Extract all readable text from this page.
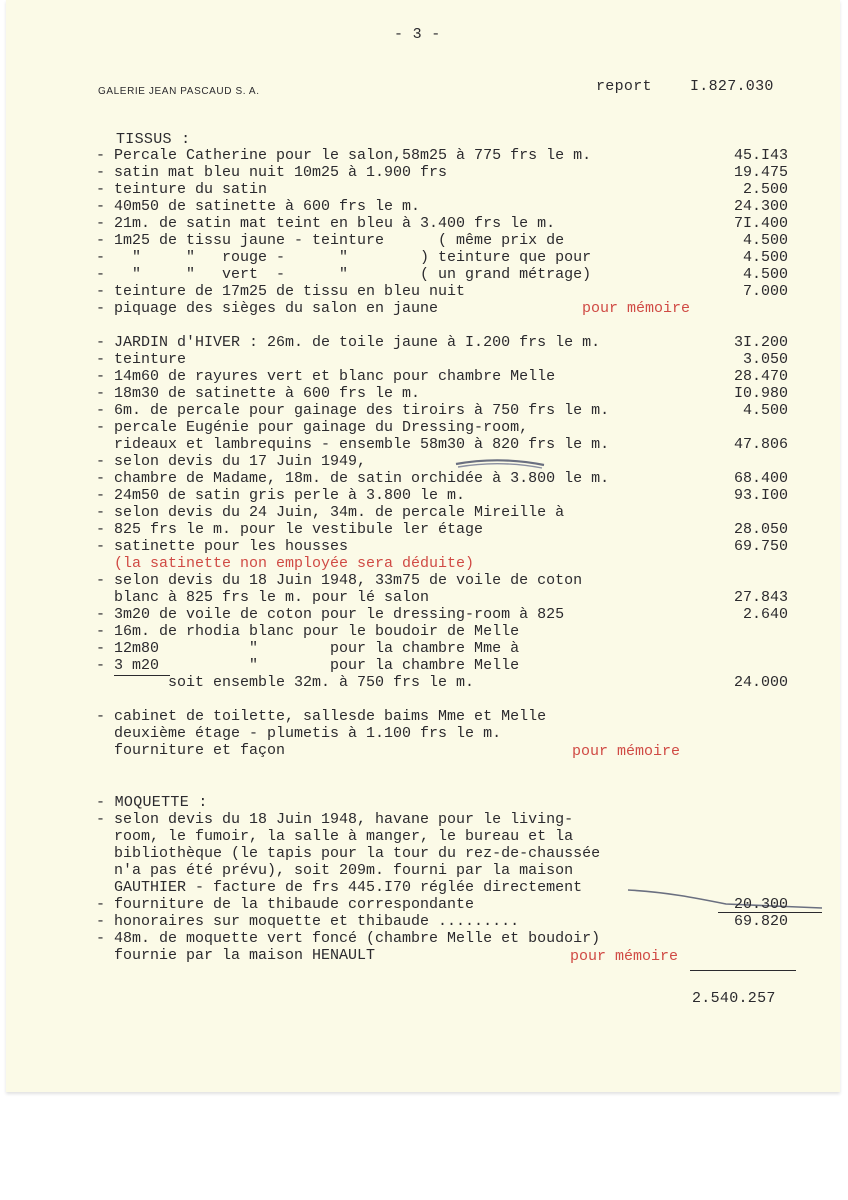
- 3 -
GALERIE JEAN PASCAUD S. A.	report	I.827.030
TISSUS :
- Percale Catherine pour le salon,58m25 à 775 frs le m.	45.I43
- satin mat bleu nuit 10m25 à 1.900 frs	19.475
- teinture du satin	2.500
- 40m50 de satinette à 600 frs le m.	24.300
- 21m. de satin mat teint en bleu à 3.400 frs le m.	7I.400
- 1m25 de tissu jaune - teinture      ( même prix de	4.500
-   "     "   rouge -      "        ) teinture que pour	4.500
-   "     "   vert  -      "        ( un grand métrage)	4.500
- teinture de 17m25 de tissu en bleu nuit	7.000
- piquage des sièges du salon en jaune	pour mémoire
- JARDIN d'HIVER : 26m. de toile jaune à I.200 frs le m.	3I.200
- teinture	3.050
- 14m60 de rayures vert et blanc pour chambre Melle	28.470
- 18m30 de satinette à 600 frs le m.	I0.980
- 6m. de percale pour gainage des tiroirs à 750 frs le m.	4.500
- percale Eugénie pour gainage du Dressing-room,
rideaux et lambrequins - ensemble 58m30 à 820 frs le m.	47.806
- selon devis du 17 Juin 1949,
- chambre de Madame, 18m. de satin orchidée à 3.800 le m.	68.400
- 24m50 de satin gris perle à 3.800 le m.	93.I00
- selon devis du 24 Juin, 34m. de percale Mireille à
- 825 frs le m. pour le vestibule ler étage	28.050
- satinette pour les housses	69.750
(la satinette non employée sera déduite)
- selon devis du 18 Juin 1948, 33m75 de voile de coton
blanc à 825 frs le m. pour lé salon	27.843
- 3m20 de voile de coton pour le dressing-room à 825	2.640
- 16m. de rhodia blanc pour le boudoir de Melle
- 12m80          "        pour la chambre Mme à
- 3 m20          "        pour la chambre Melle
soit ensemble 32m. à 750 frs le m.	24.000
- cabinet de toilette, sallesde baims Mme et Melle
deuxième étage - plumetis à 1.100 frs le m.
fourniture et façon	pour mémoire
- MOQUETTE :
- selon devis du 18 Juin 1948, havane pour le living-
room, le fumoir, la salle à manger, le bureau et la
bibliothèque (le tapis pour la tour du rez-de-chaussée
n'a pas été prévu), soit 209m. fourni par la maison
GAUTHIER - facture de frs 445.I70 réglée directement
- fourniture de la thibaude correspondante	20.300
- honoraires sur moquette et thibaude .........	69.820
- 48m. de moquette vert foncé (chambre Melle et boudoir)
fournie par la maison HENAULT	pour mémoire
2.540.257
